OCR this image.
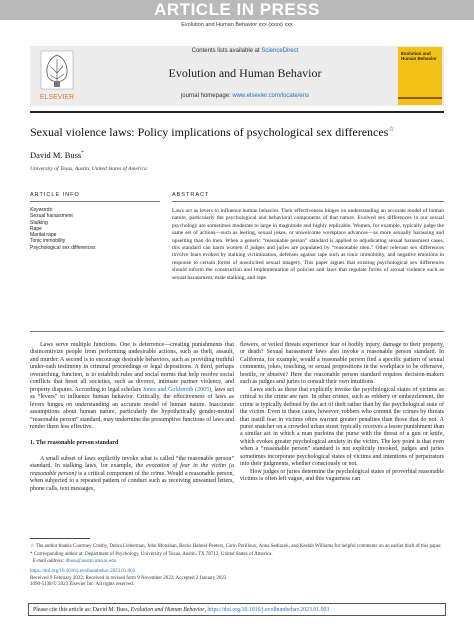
ARTICLE IN PRESS
Evolution and Human Behavior xxx (xxxx) xxx
ELSEVIER
Contents lists available at ScienceDirect
Evolution and Human Behavior
journal homepage: www.elsevier.com/locate/ens
Evolution and Human Behavior
Sexual violence laws: Policy implications of psychological sex differences☆
David M. Buss*
University of Texas, Austin, United States of America
ARTICLE INFO	ABSTRACT
Keywords:
Sexual harassment
Stalking
Rape
Marital rape
Tonic immobility
Psychological sex differences
Laws act as levers to influence human behavior. Their effectiveness hinges on understanding an accurate model of human nature, particularly the psychological and behavioral components of that nature. Evolved sex differences in our sexual psychology are sometimes moderate to large in magnitude and highly replicable. Women, for example, typically judge the same set of actions—such as leering, sexual jokes, or unwelcome workplace advances—as more sexually harassing and upsetting than do men. When a generic “reasonable person” standard is applied to adjudicating sexual harassment cases, this standard can harm women if judges and juries are populated by “reasonable men.” Other relevant sex differences involve fears evoked by stalking victimization, defenses against rape such as tonic immobility, and negative emotions in response to certain forms of unsolicited sexual imagery. This paper argues that existing psychological sex differences should inform the construction and implementation of policies and laws that regulate forms of sexual violence such as sexual harassment, male stalking, and rape.

Laws serve multiple functions. One is deterrence—creating punishments that disincentivize people from performing undesirable actions, such as theft, assault, and murder. A second is to encourage desirable behaviors, such as providing truthful under-oath testimony in criminal proceedings or legal depositions. A third, perhaps overarching, function, is to establish rules and social norms that help resolve social conflicts that beset all societies, such as divorce, intimate partner violence, and property disputes. According to legal scholars Jones and Goldsmith (2005), laws act as “levers” to influence human behavior. Critically, the effectiveness of laws as levers hinges on understanding an accurate model of human nature. Inaccurate assumptions about human nature, particularly the hypothetically gender-neutral “reasonable person” standard, may undermine the presumptive functions of laws and render them less effective.

1. The reasonable person standard

A small subset of laws explicitly invoke what is called “the reasonable person” standard. In stalking laws, for example, the evocation of fear in the victim (a reasonable person) is a critical component of the crime. Would a reasonable person, when subjected to a repeated pattern of conduct such as receiving unwanted letters, phone calls, text messages,

flowers, or veiled threats experience fear of bodily injury, damage to their property, or death? Sexual harassment laws also invoke a reasonable person standard. In California, for example, would a reasonable person find a specific pattern of sexual comments, jokes, touching, or sexual propositions in the workplace to be offensive, hostile, or abusive? Here the reasonable person standard requires decision-makers such as judges and juries to consult their own intuitions.

Laws such as these that explicitly invoke the psychological states of victims as critical to the crime are rare. In other crimes, such as robbery or embezzlement, the crime is typically defined by the act of theft rather than by the psychological state of the victim. Even in these cases, however, robbers who commit the crimes by threats that instill fear in victims often warrant greater penalties than those that do not. A purse snatcher on a crowded urban street typically receives a lesser punishment than a similar act in which a man purloins the purse with the threat of a gun or knife, which evokes greater psychological anxiety in the victim. The key point is that even when a “reasonable person” standard is not explicitly invoked, judges and juries sometimes incorporate psychological states of victims and intentions of perpetrators into their judgments, whether consciously or not.

How judges or juries determine the psychological states of proverbial reasonable victims is often left vague, and this vagueness can

☆ The author thanks Courtney Crosby, Debra Lieberman, John Monahan, Becks Hahnel-Peeters, Carin Perilloux, Anna Sedlacek, and Keelah Williams for helpful comments on an earlier draft of this paper.

* Corresponding author at: Department of Psychology, University of Texas, Austin, TX 78712, United States of America.
E-mail address: dbuss@austin.utexas.edu

https://doi.org/10.1016/j.evolhumbehav.2023.01.003

Received 9 February 2022; Received in revised form 9 November 2022; Accepted 2 January 2023

1090-5138/© 2023 Elsevier Inc. All rights reserved.

Please cite this article as: David M. Buss, Evolution and Human Behavior, https://doi.org/10.1016/j.evolhumbehav.2023.01.003
